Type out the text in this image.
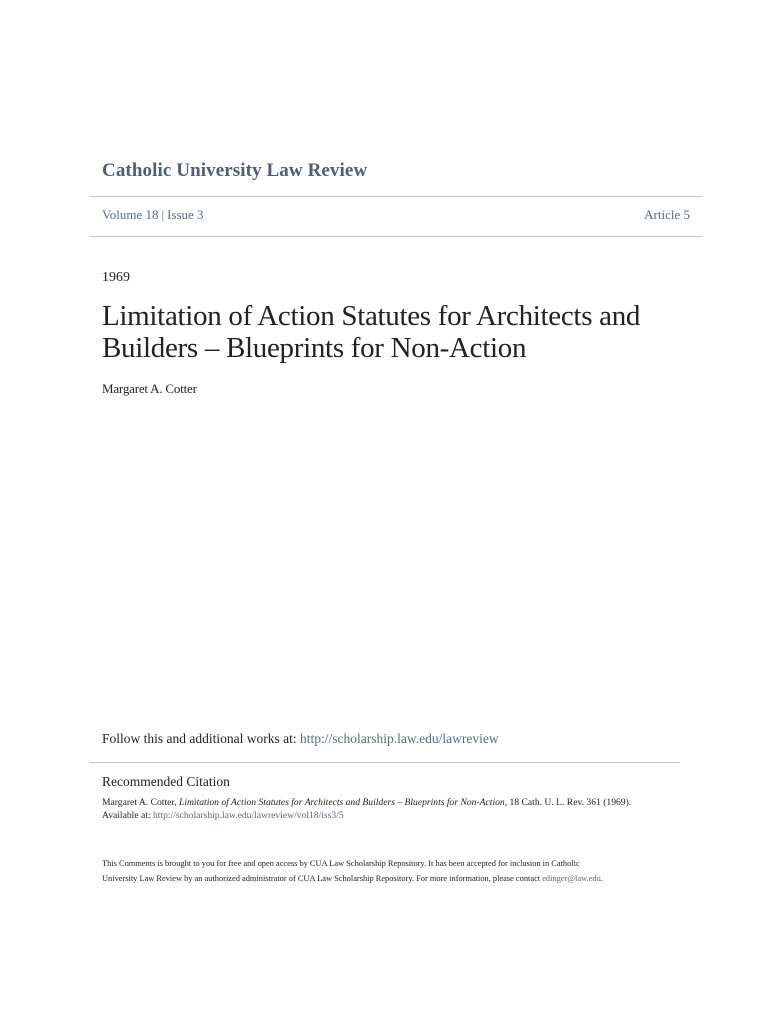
Catholic University Law Review
Volume 18 | Issue 3	Article 5
1969
Limitation of Action Statutes for Architects and
Builders – Blueprints for Non-Action
Margaret A. Cotter
Follow this and additional works at: http://scholarship.law.edu/lawreview
Recommended Citation
Margaret A. Cotter, Limitation of Action Statutes for Architects and Builders – Blueprints for Non-Action, 18 Cath. U. L. Rev. 361 (1969).
Available at: http://scholarship.law.edu/lawreview/vol18/iss3/5
This Comments is brought to you for free and open access by CUA Law Scholarship Repository. It has been accepted for inclusion in Catholic
University Law Review by an authorized administrator of CUA Law Scholarship Repository. For more information, please contact edinger@law.edu.
